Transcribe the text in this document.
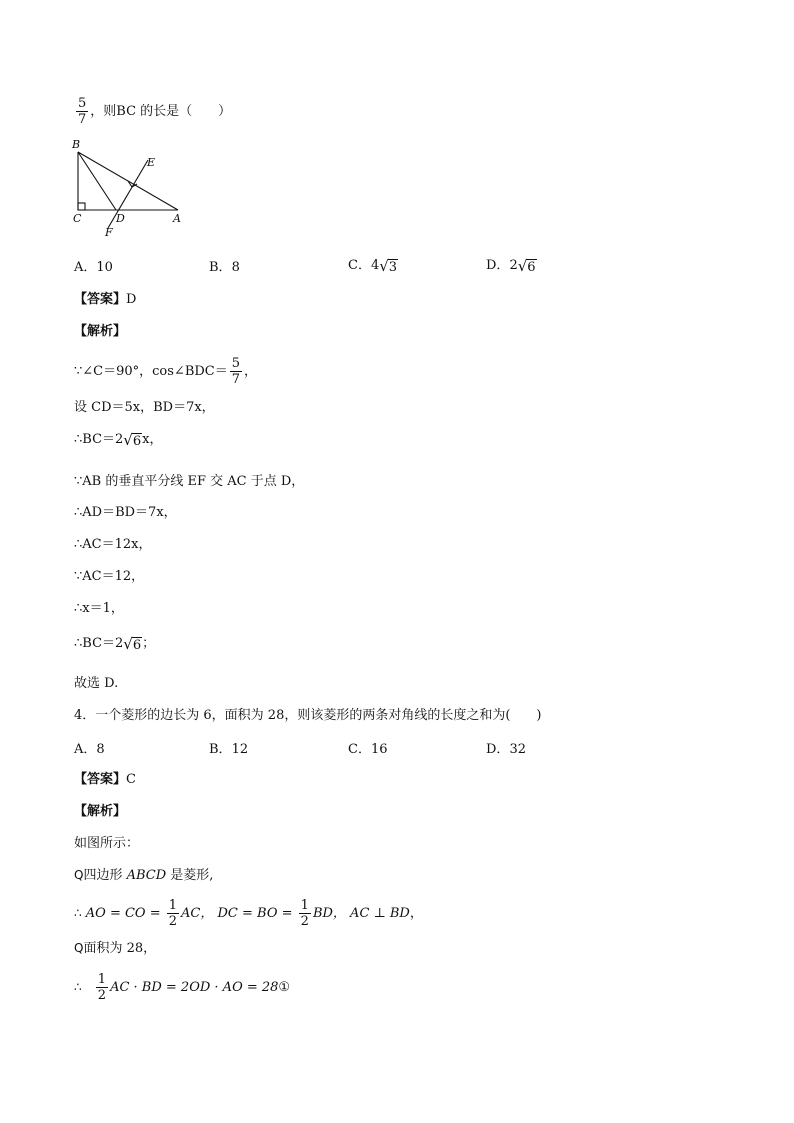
$\frac{5}{7}$ ，则BC 的长是（　　）
B
E
C	D	A
F
A．10	B．8	C．4 √ 3	D．2 √ 6
【答案】D
【解析】
∵∠C＝90°，cos∠BDC＝ $\frac{5}{7}$ ，
设 CD＝5x，BD＝7x，
∴BC＝2 √ 6 x，
∵AB 的垂直平分线 EF 交 AC 于点 D，
∴AD＝BD＝7x，
∴AC＝12x，
∵AC＝12，
∴x＝1，
∴BC＝2 √ 6 ；
故选 D.
4．一个菱形的边长为 6，面积为 28，则该菱形的两条对角线的长度之和为(　　)
A．8	B．12	C．16	D．32
【答案】C
【解析】
如图所示：
Q四边形 ABCD 是菱形,
∴ AO = CO = $\frac{1}{2}$ AC， DC = BO = $\frac{1}{2}$ BD， AC ⊥ BD，
Q面积为 28，
∴ $\frac{1}{2}$ AC · BD = 2OD · AO = 28①
